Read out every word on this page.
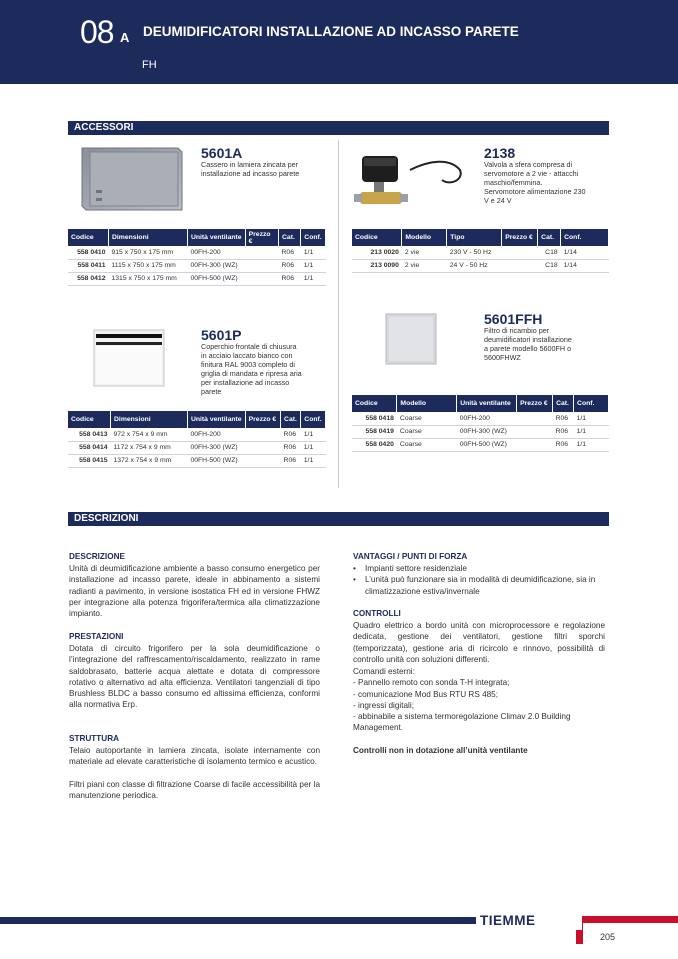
08 A DEUMIDIFICATORI INSTALLAZIONE AD INCASSO PARETE
FH
ACCESSORI
5601A
Cassero in lamiera zincata per
installazione ad incasso parete
Codice	Dimensioni	Unità ventilante	Prezzo €	Cat.	Conf.
558 0410	915 x 750 x 175 mm	00FH-200		R06	1/1
558 0411	1115 x 750 x 175 mm	00FH-300 (WZ)		R06	1/1
558 0412	1315 x 750 x 175 mm	00FH-500 (WZ)		R06	1/1
2138
Valvola a sfera compresa di
servomotore a 2 vie - attacchi
maschio/femmina.
Servomotore alimentazione 230
V e 24 V
Codice	Modello	Tipo	Prezzo €	Cat.	Conf.
213 0020	2 vie	230 V - 50 Hz		C18	1/14
213 0090	2 vie	24 V - 50 Hz		C18	1/14
5601P
Coperchio frontale di chiusura
in acciaio laccato bianco con
finitura RAL 9003 completo di
griglia di mandata e ripresa aria
per installazione ad incasso
parete
Codice	Dimensioni	Unità ventilante	Prezzo €	Cat.	Conf.
558 0413	972 x 754 x 9 mm	00FH-200		R06	1/1
558 0414	1172 x 754 x 9 mm	00FH-300 (WZ)		R06	1/1
558 0415	1372 x 754 x 9 mm	00FH-500 (WZ)		R06	1/1
5601FFH
Filtro di ricambio per
deumidificatori installazione
a parete modello 5600FH o
5600FHWZ
Codice	Modello	Unità ventilante	Prezzo €	Cat.	Conf.
558 0418	Coarse	00FH-200		R06	1/1
558 0419	Coarse	00FH-300 (WZ)		R06	1/1
558 0420	Coarse	00FH-500 (WZ)		R06	1/1
DESCRIZIONI
DESCRIZIONE
Unità di deumidificazione ambiente a basso consumo energetico per installazione ad incasso parete, ideale in abbinamento a sistemi radianti a pavimento, in versione isostatica FH ed in versione FHWZ per integrazione alla potenza frigorifera/termica alla climatizzazione impianto.
PRESTAZIONI
Dotata di circuito frigorifero per la sola deumidificazione o l’integrazione del raffrescamento/riscaldamento, realizzato in rame saldobrasato, batterie acqua alettate e dotata di compressore rotativo o alternativo ad alta efficienza. Ventilatori tangenziali di tipo Brushless BLDC a basso consumo ed altissima efficienza, conformi alla normativa Erp.
STRUTTURA
Telaio autoportante in lamiera zincata, isolate internamente con materiale ad elevate caratteristiche di isolamento termico e acustico.
Filtri piani con classe di filtrazione Coarse di facile accessibilità per la manutenzione periodica.
VANTAGGI / PUNTI DI FORZA
•	Impianti settore residenziale
•	L’unità può funzionare sia in modalità di deumidificazione, sia in climatizzazione estiva/invernale
CONTROLLI
Quadro elettrico a bordo unità con microprocessore e regolazione dedicata, gestione dei ventilatori, gestione filtri sporchi (temporizzata), gestione aria di ricircolo e rinnovo, possibilità di controllo unità con soluzioni differenti.
Comandi esterni:
- Pannello remoto con sonda T-H integrata;
- comunicazione Mod Bus RTU RS 485;
- ingressi digitali;
- abbinabile a sistema termoregolazione Climav 2.0 Building Management.
Controlli non in dotazione all’unità ventilante
TIEMME
205
